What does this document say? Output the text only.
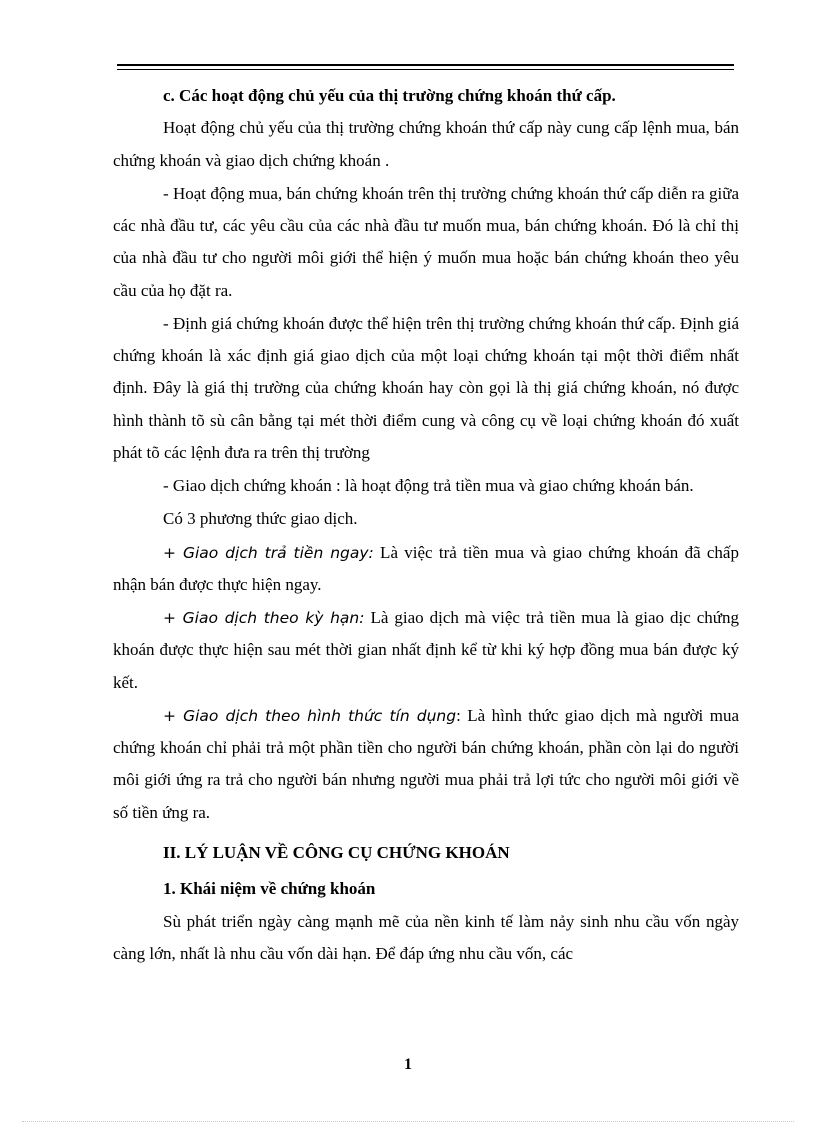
c. Các hoạt động chủ yếu của thị trường chứng khoán thứ cấp.

Hoạt động chủ yếu của thị trường chứng khoán thứ cấp này cung cấp lệnh mua, bán chứng khoán và giao dịch chứng khoán .

- Hoạt động mua, bán chứng khoán trên thị trường chứng khoán thứ cấp diễn ra giữa các nhà đầu tư, các yêu cầu của các nhà đầu tư muốn mua, bán chứng khoán. Đó là chỉ thị của nhà đầu tư cho người môi giới thể hiện ý muốn mua hoặc bán chứng khoán theo yêu cầu của họ đặt ra.

- Định giá chứng khoán được thể hiện trên thị trường chứng khoán thứ cấp. Định giá chứng khoán là xác định giá giao dịch của một loại chứng khoán tại một thời điểm nhất định. Đây là giá thị trường của chứng khoán hay còn gọi là thị giá chứng khoán, nó được hình thành tõ sù cân bằng tại mét thời điểm cung và công cụ về loại chứng khoán đó xuất phát tõ các lệnh đưa ra trên thị trường

- Giao dịch chứng khoán : là hoạt động trả tiền mua và giao chứng khoán bán.

Có 3 phương thức giao dịch.

+ Giao dịch trả tiền ngay: Là việc trả tiền mua và giao chứng khoán đã chấp nhận bán được thực hiện ngay.

+ Giao dịch theo kỳ hạn: Là giao dịch mà việc trả tiền mua là giao dịc chứng khoán được thực hiện sau mét thời gian nhất định kể từ khi ký hợp đồng mua bán được ký kết.

+ Giao dịch theo hình thức tín dụng: Là hình thức giao dịch mà người mua chứng khoán chỉ phải trả một phần tiền cho người bán chứng khoán, phần còn lại do người môi giới ứng ra trả cho người bán nhưng người mua phải trả lợi tức cho người môi giới về số tiền ứng ra.

II. LÝ LUẬN VỀ CÔNG CỤ CHỨNG KHOÁN

1. Khái niệm về chứng khoán

Sù phát triển ngày càng mạnh mẽ của nền kinh tế làm nảy sinh nhu cầu vốn ngày càng lớn, nhất là nhu cầu vốn dài hạn. Để đáp ứng nhu cầu vốn, các

1
